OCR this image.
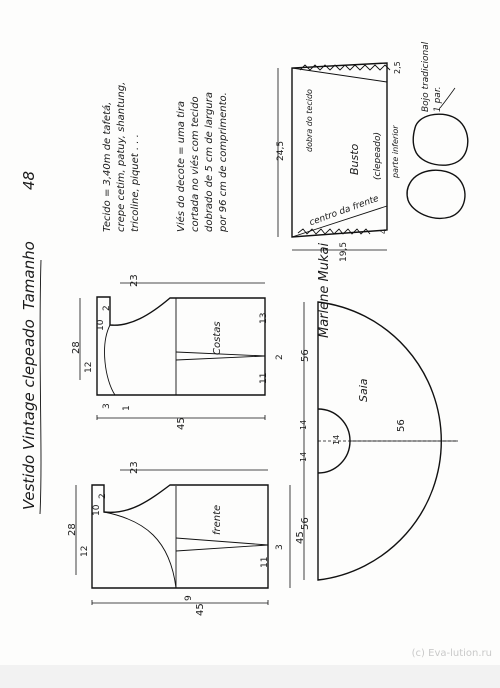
Vestido Vintage clepeado
Tamanho
48
frente
45
45
23
28
12
11
3
10
2
9
Costas
28
12
23
45
13
11
10
2
3 1
2
Saia
56
56
56
14
14
14
Tecido = 3,40m de tafetá, crepe cetim, patuy, shantung, tricoline, piquet . . .	Viés do decote = uma tira cortada no viés com tecido dobrado de 5 cm de largura por 96 cm de comprimento.
Marlene Mukai
Busto (clepeado)
dobra do tecido	parte inferior
centro da frente
24,5
19,5
2,5
4
Bojo tradicional 1 par.
(c) Eva-lution.ru
